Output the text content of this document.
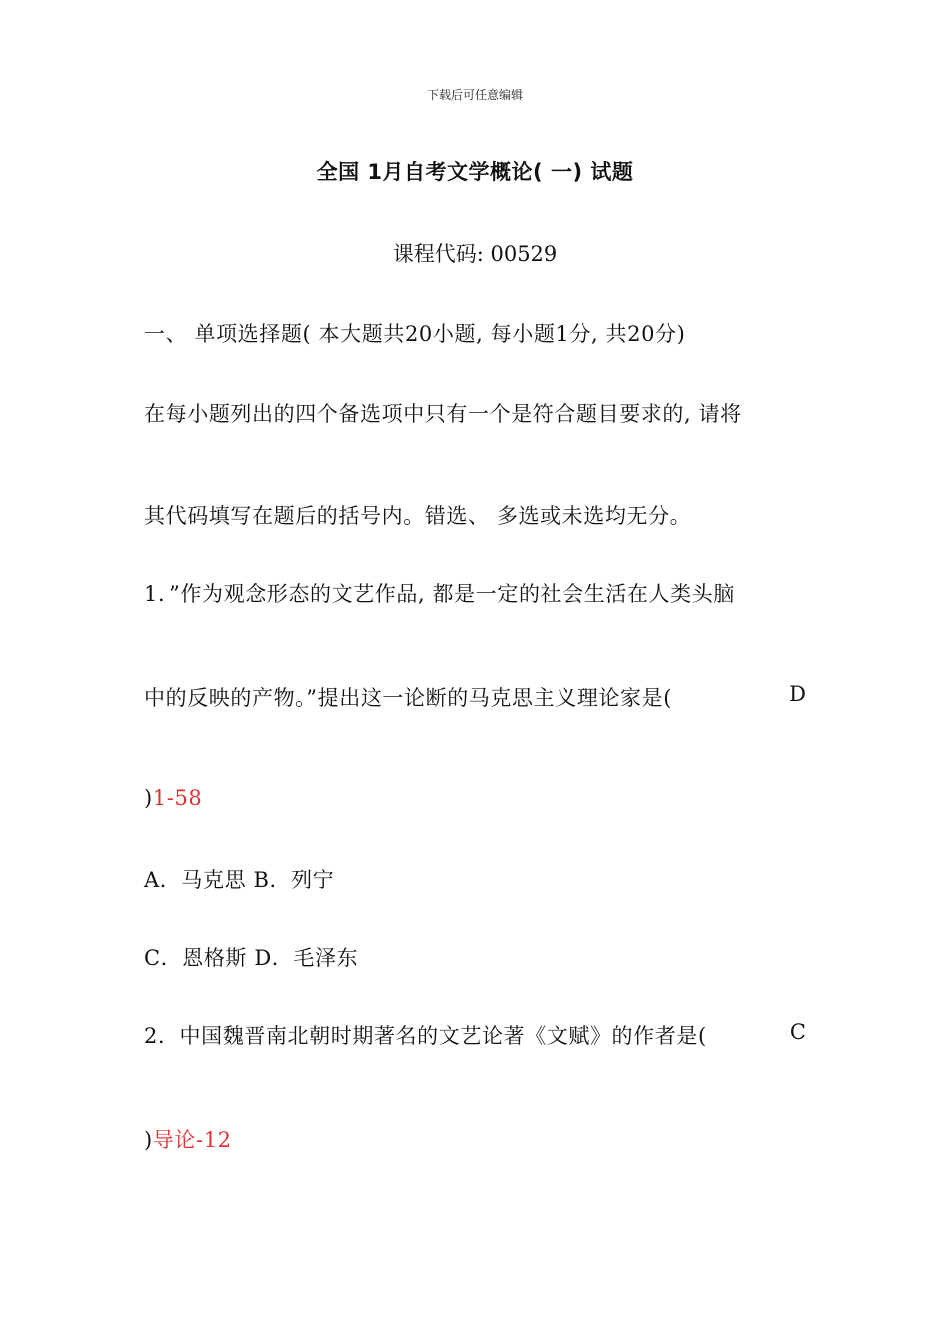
下载后可任意编辑
全国 1月自考文学概论( 一) 试题
课程代码: 00529
一、 单项选择题( 本大题共20小题, 每小题1分, 共20分)
在每小题列出的四个备选项中只有一个是符合题目要求的, 请将
其代码填写在题后的括号内。错选、 多选或未选均无分。
1．”作为观念形态的文艺作品, 都是一定的社会生活在人类头脑
中的反映的产物。”提出这一论断的马克思主义理论家是(	D
)1-58
A．马克思 B．列宁
C．恩格斯 D．毛泽东
2．中国魏晋南北朝时期著名的文艺论著《文赋》的作者是(	C
)导论-12
